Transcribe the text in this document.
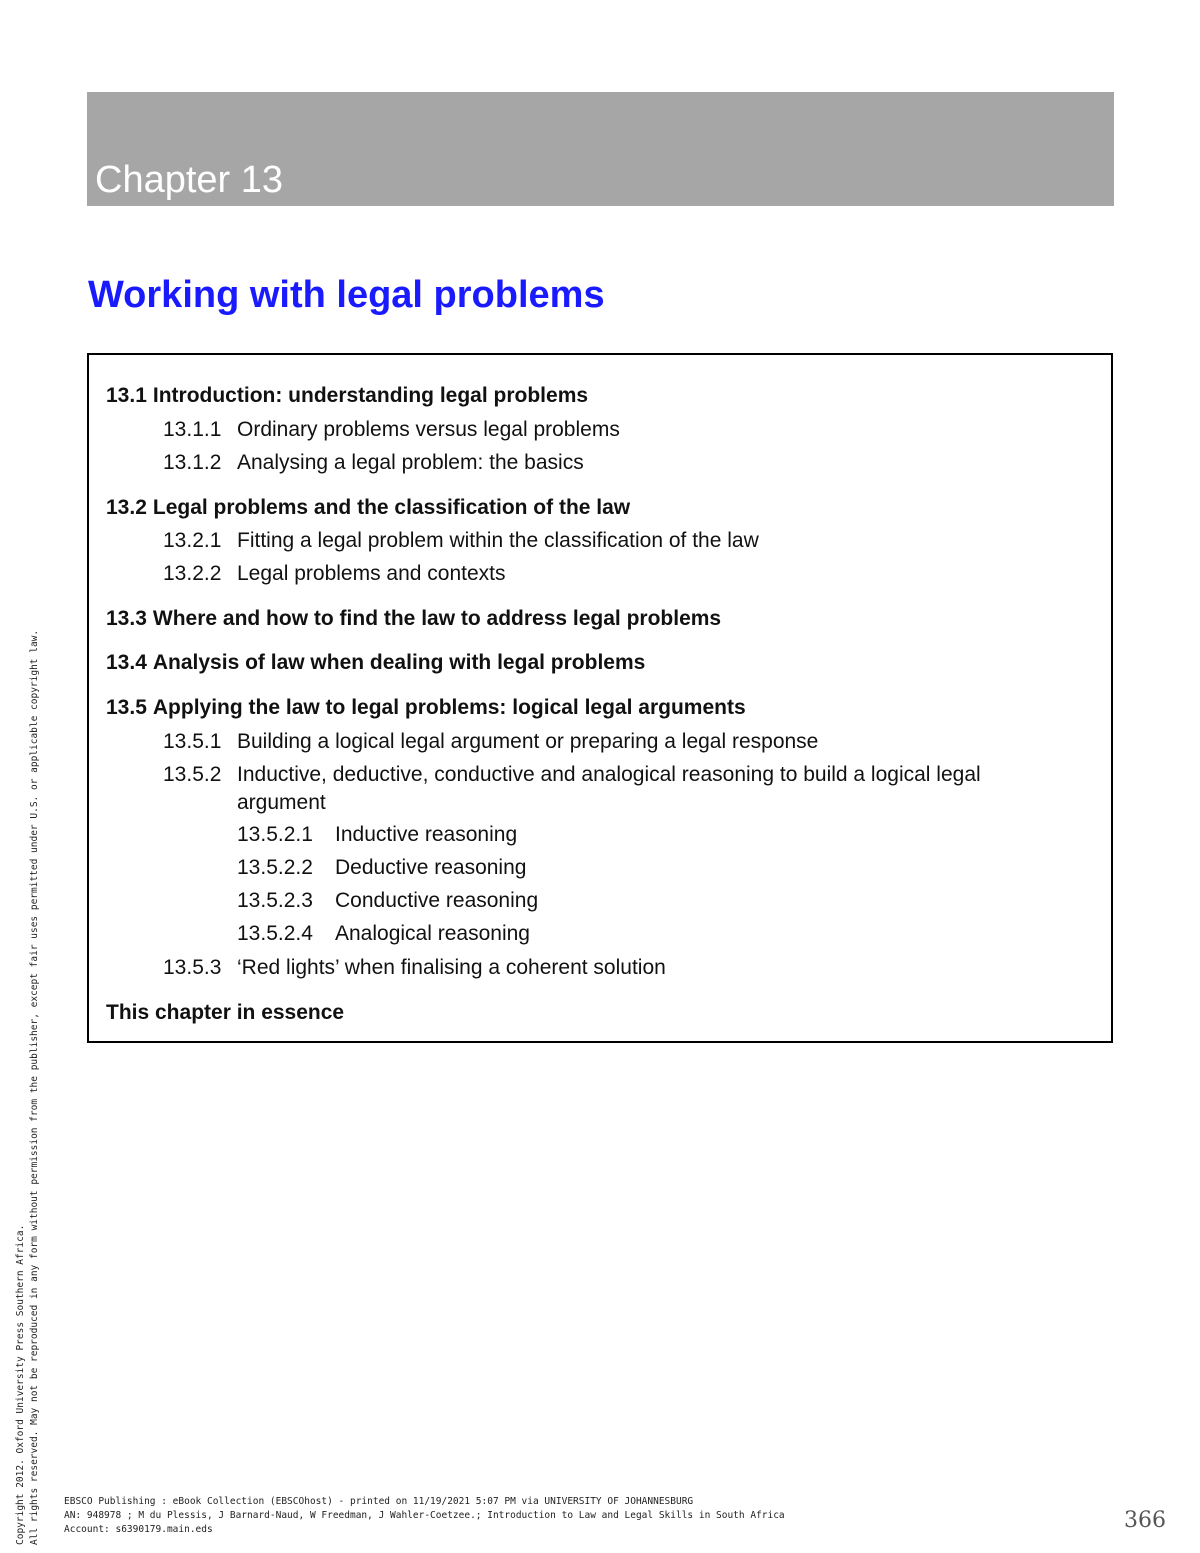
Chapter 13
Working with legal problems
13.1 Introduction: understanding legal problems
13.1.1 Ordinary problems versus legal problems
13.1.2 Analysing a legal problem: the basics
13.2 Legal problems and the classification of the law
13.2.1 Fitting a legal problem within the classification of the law
13.2.2 Legal problems and contexts
13.3 Where and how to find the law to address legal problems
13.4 Analysis of law when dealing with legal problems
13.5 Applying the law to legal problems: logical legal arguments
13.5.1 Building a logical legal argument or preparing a legal response
13.5.2 Inductive, deductive, conductive and analogical reasoning to build a logical legal
argument
13.5.2.1 Inductive reasoning
13.5.2.2 Deductive reasoning
13.5.2.3 Conductive reasoning
13.5.2.4 Analogical reasoning
13.5.3 ‘Red lights’ when finalising a coherent solution
This chapter in essence
Copyright 2012. Oxford University Press Southern Africa. All rights reserved. May not be reproduced in any form without permission from the publisher, except fair uses permitted under U.S. or applicable copyright law.	EBSCO Publishing : eBook Collection (EBSCOhost) - printed on 11/19/2021 5:07 PM via UNIVERSITY OF JOHANNESBURG
AN: 948978 ; M du Plessis, J Barnard-Naud, W Freedman, J Wahler-Coetzee.; Introduction to Law and Legal Skills in South Africa
Account: s6390179.main.eds	366
